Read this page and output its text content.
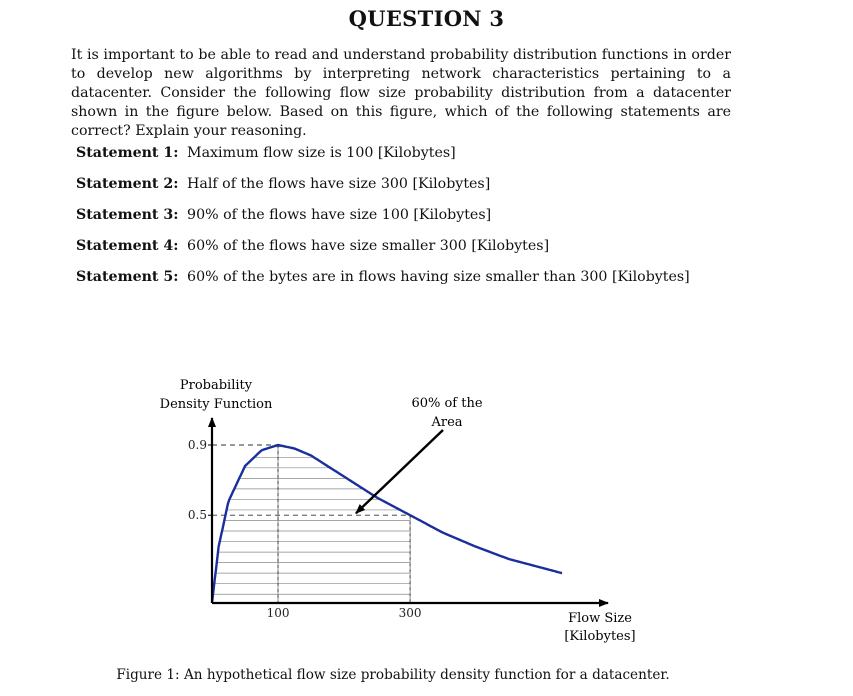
QUESTION 3
It is important to be able to read and understand probability distribution functions in order to develop new algorithms by interpreting network characteristics pertaining to a datacenter. Consider the following flow size probability distribution from a datacenter shown in the figure below. Based on this figure, which of the following statements are correct? Explain your reasoning.
Statement 1: Maximum flow size is 100 [Kilobytes]
Statement 2: Half of the flows have size 300 [Kilobytes]
Statement 3: 90% of the flows have size 100 [Kilobytes]
Statement 4: 60% of the flows have size smaller 300 [Kilobytes]
Statement 5: 60% of the bytes are in flows having size smaller than 300 [Kilobytes]
Probability
Density Function
Flow Size
[Kilobytes]
60% of the
Area
100	300
0.9
0.5
Figure 1: An hypothetical flow size probability density function for a datacenter.
